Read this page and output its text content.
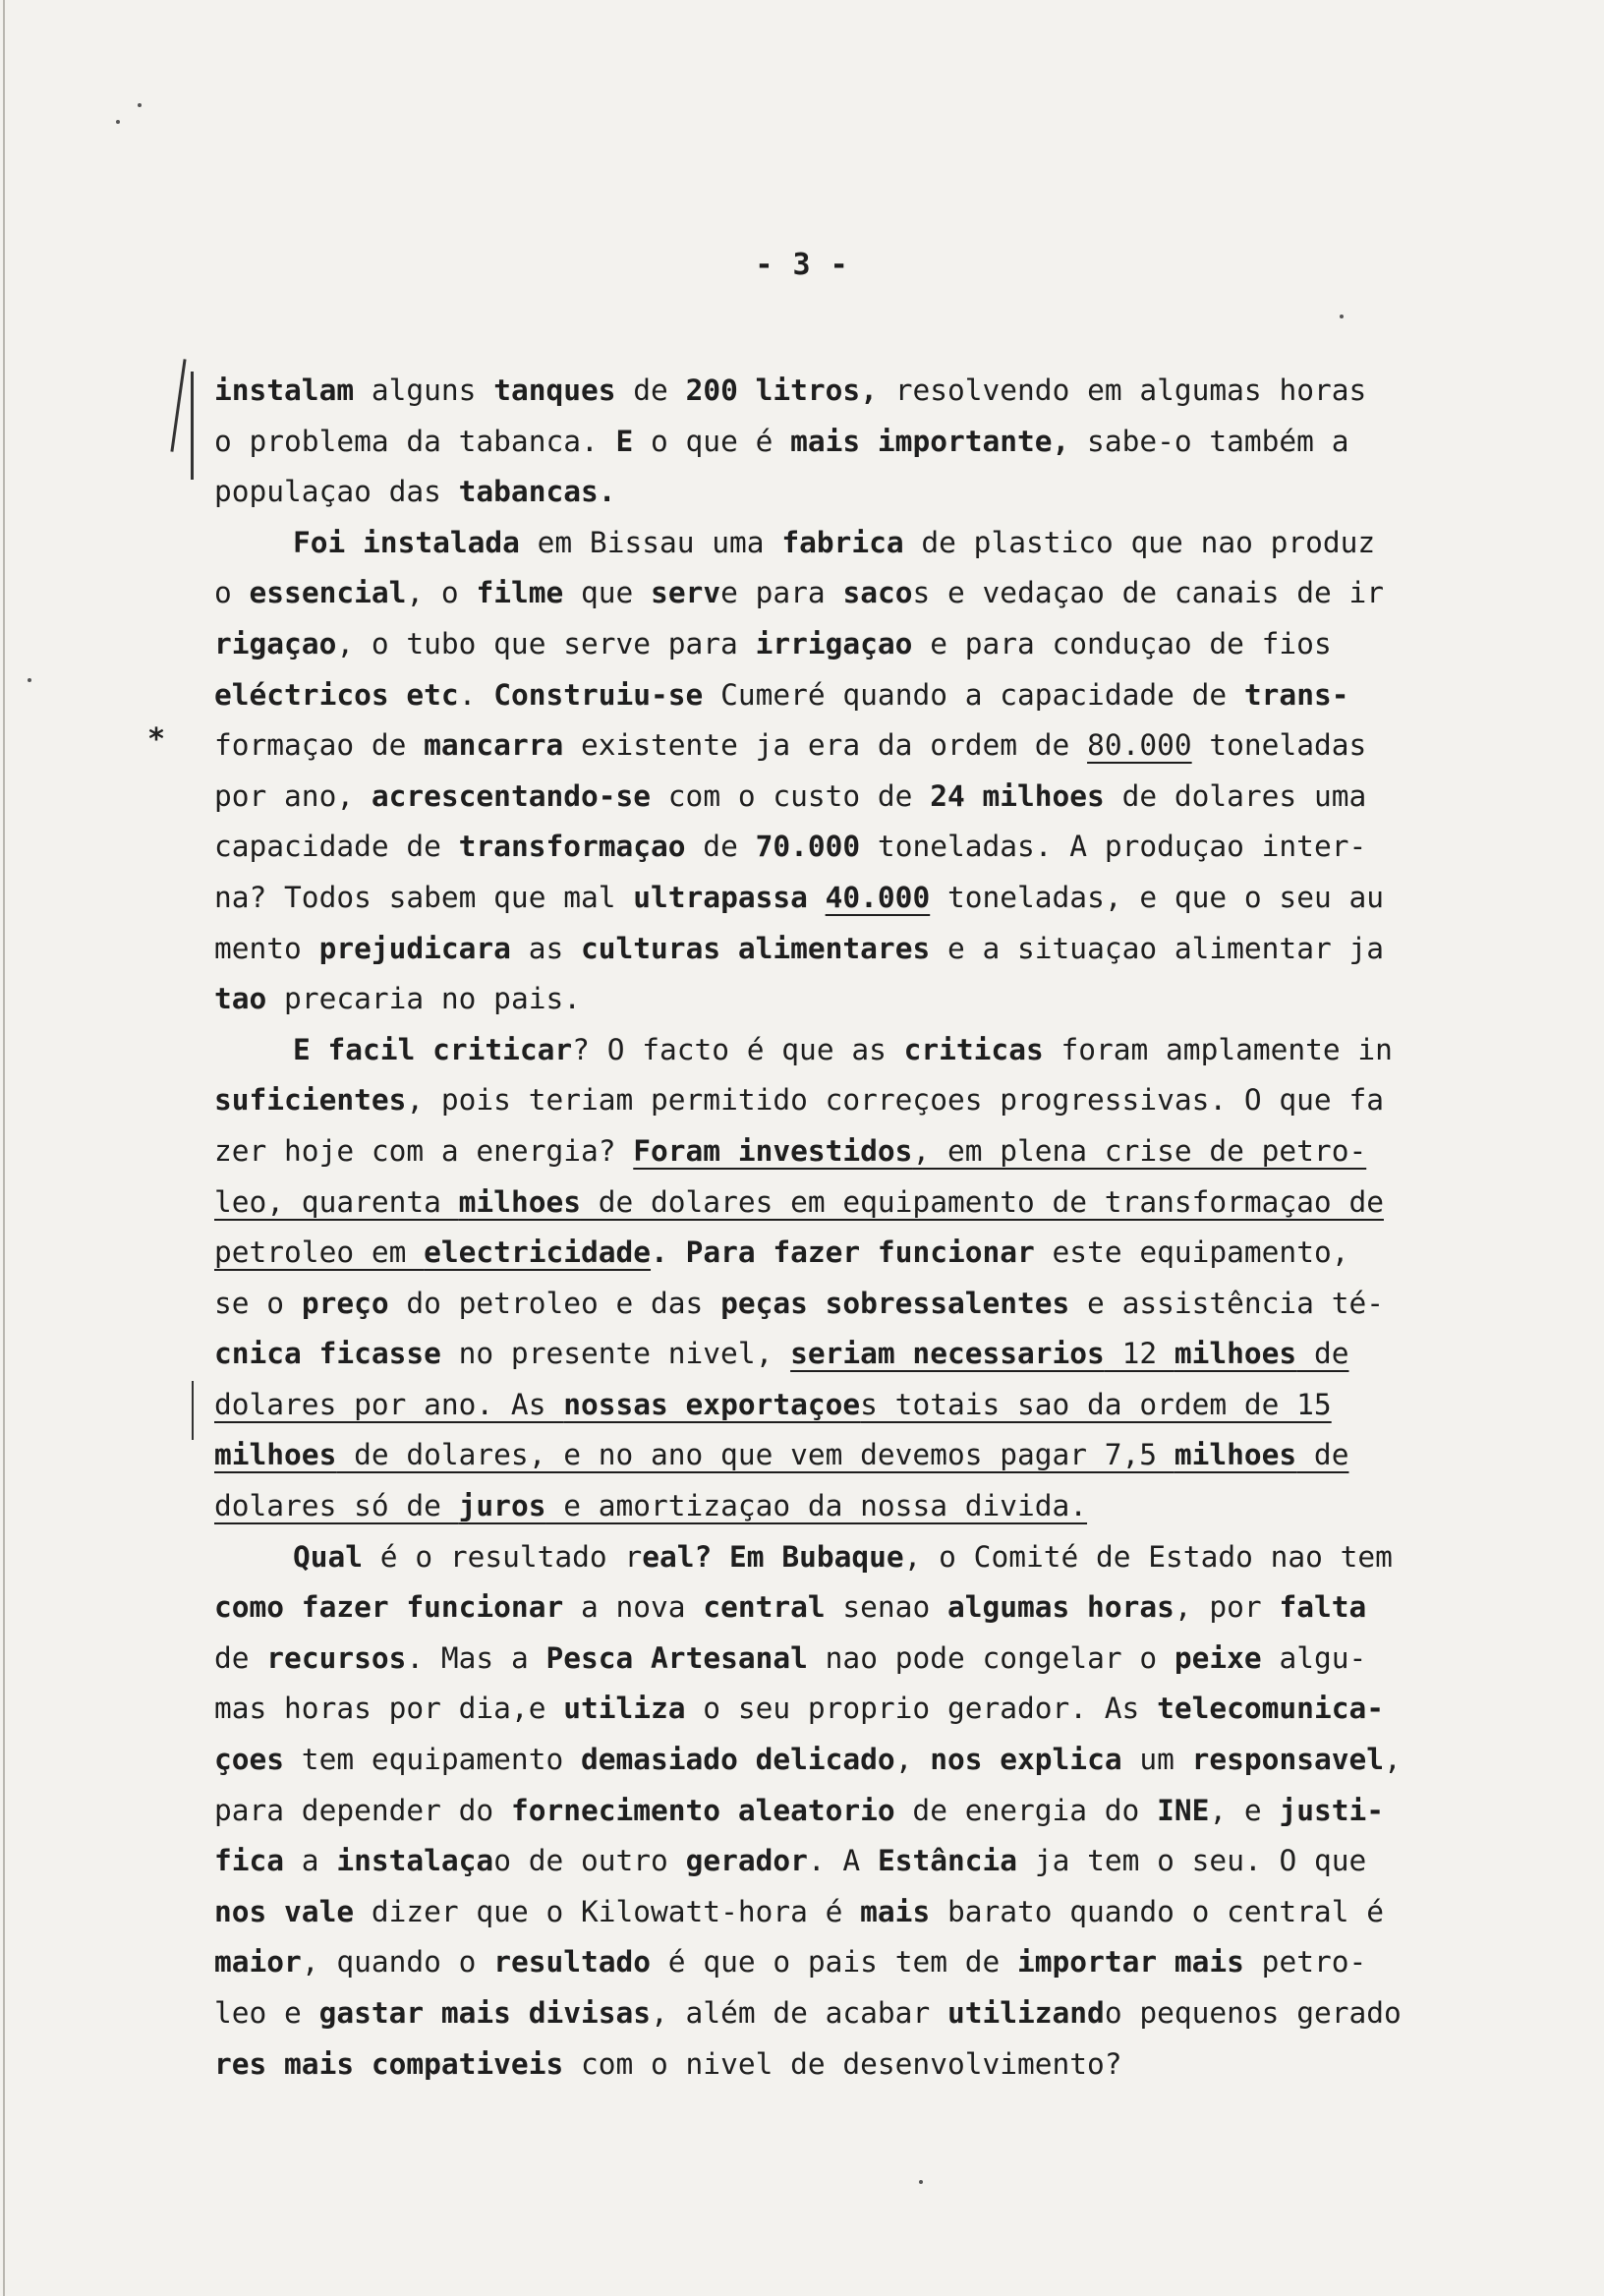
- 3 -
*
instalam alguns tanques de 200 litros, resolvendo em algumas horas
o problema da tabanca. E o que é mais importante, sabe-o também a
populaçao das tabancas.
Foi instalada em Bissau uma fabrica de plastico que nao produz
o essencial, o filme que serve para sacos e vedaçao de canais de ir
rigaçao, o tubo que serve para irrigaçao e para conduçao de fios
eléctricos etc. Construiu-se Cumeré quando a capacidade de trans-
formaçao de mancarra existente ja era da ordem de 80.000 toneladas
por ano, acrescentando-se com o custo de 24 milhoes de dolares uma
capacidade de transformaçao de 70.000 toneladas. A produçao inter-
na? Todos sabem que mal ultrapassa 40.000 toneladas, e que o seu au
mento prejudicara as culturas alimentares e a situaçao alimentar ja
tao precaria no pais.
E facil criticar? O facto é que as criticas foram amplamente in
suficientes, pois teriam permitido correçoes progressivas. O que fa
zer hoje com a energia? Foram investidos, em plena crise de petro-
leo, quarenta milhoes de dolares em equipamento de transformaçao de
petroleo em electricidade. Para fazer funcionar este equipamento,
se o preço do petroleo e das peças sobressalentes e assistência té-
cnica ficasse no presente nivel, seriam necessarios 12 milhoes de
dolares por ano. As nossas exportaçoes totais sao da ordem de 15
milhoes de dolares, e no ano que vem devemos pagar 7,5 milhoes de
dolares só de juros e amortizaçao da nossa divida.
Qual é o resultado real? Em Bubaque, o Comité de Estado nao tem
como fazer funcionar a nova central senao algumas horas, por falta
de recursos. Mas a Pesca Artesanal nao pode congelar o peixe algu-
mas horas por dia,e utiliza o seu proprio gerador. As telecomunica-
çoes tem equipamento demasiado delicado, nos explica um responsavel,
para depender do fornecimento aleatorio de energia do INE, e justi-
fica a instalaçao de outro gerador. A Estância ja tem o seu. O que
nos vale dizer que o Kilowatt-hora é mais barato quando o central é
maior, quando o resultado é que o pais tem de importar mais petro-
leo e gastar mais divisas, além de acabar utilizando pequenos gerado
res mais compativeis com o nivel de desenvolvimento?
